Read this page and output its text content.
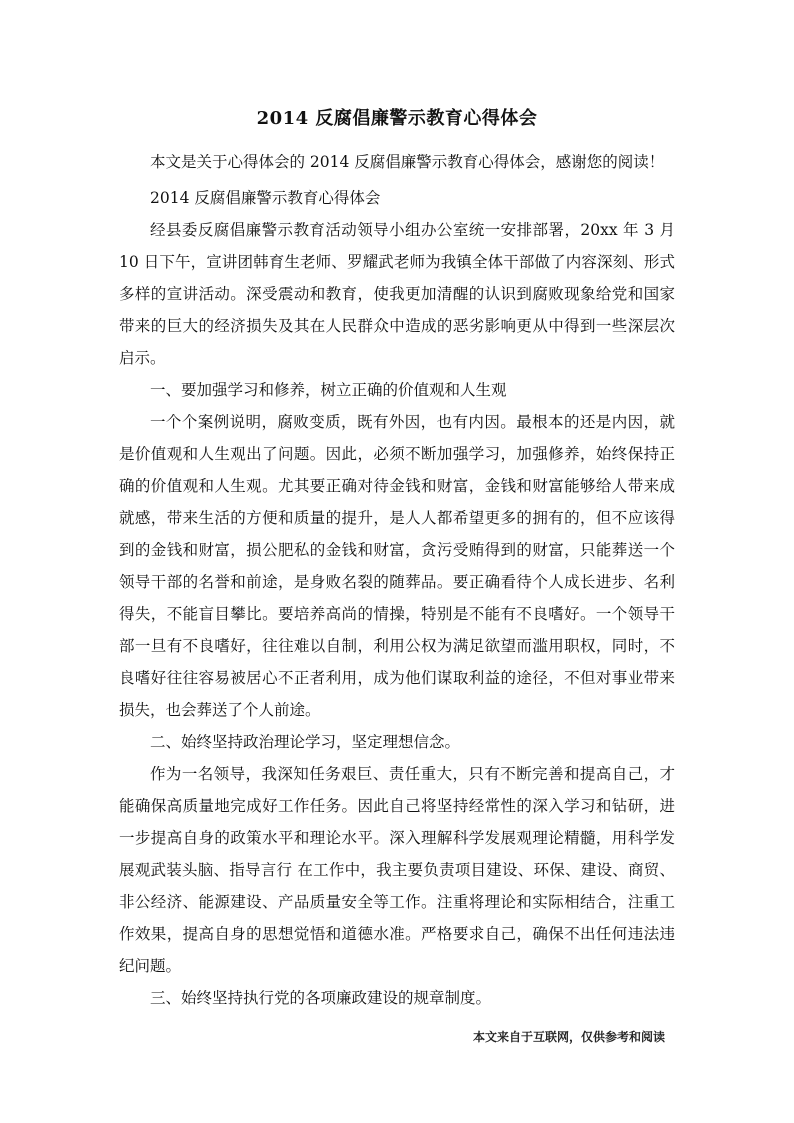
2014 反腐倡廉警示教育心得体会

本文是关于心得体会的 2014 反腐倡廉警示教育心得体会，感谢您的阅读！

2014 反腐倡廉警示教育心得体会

经县委反腐倡廉警示教育活动领导小组办公室统一安排部署，20xx 年 3 月 10 日下午，宣讲团韩育生老师、罗耀武老师为我镇全体干部做了内容深刻、形式多样的宣讲活动。深受震动和教育，使我更加清醒的认识到腐败现象给党和国家带来的巨大的经济损失及其在人民群众中造成的恶劣影响更从中得到一些深层次启示。

一、要加强学习和修养，树立正确的价值观和人生观

一个个案例说明，腐败变质，既有外因，也有内因。最根本的还是内因，就是价值观和人生观出了问题。因此，必须不断加强学习，加强修养，始终保持正确的价值观和人生观。尤其要正确对待金钱和财富，金钱和财富能够给人带来成就感，带来生活的方便和质量的提升，是人人都希望更多的拥有的，但不应该得到的金钱和财富，损公肥私的金钱和财富，贪污受贿得到的财富，只能葬送一个领导干部的名誉和前途，是身败名裂的随葬品。要正确看待个人成长进步、名利得失，不能盲目攀比。要培养高尚的情操，特别是不能有不良嗜好。一个领导干部一旦有不良嗜好，往往难以自制，利用公权为满足欲望而滥用职权，同时，不良嗜好往往容易被居心不正者利用，成为他们谋取利益的途径，不但对事业带来损失，也会葬送了个人前途。

二、始终坚持政治理论学习，坚定理想信念。

作为一名领导，我深知任务艰巨、责任重大，只有不断完善和提高自己，才能确保高质量地完成好工作任务。因此自己将坚持经常性的深入学习和钻研，进一步提高自身的政策水平和理论水平。深入理解科学发展观理论精髓，用科学发展观武装头脑、指导言行 在工作中，我主要负责项目建设、环保、建设、商贸、非公经济、能源建设、产品质量安全等工作。注重将理论和实际相结合，注重工作效果，提高自身的思想觉悟和道德水准。严格要求自己，确保不出任何违法违纪问题。

三、始终坚持执行党的各项廉政建设的规章制度。

本文来自于互联网，仅供参考和阅读
